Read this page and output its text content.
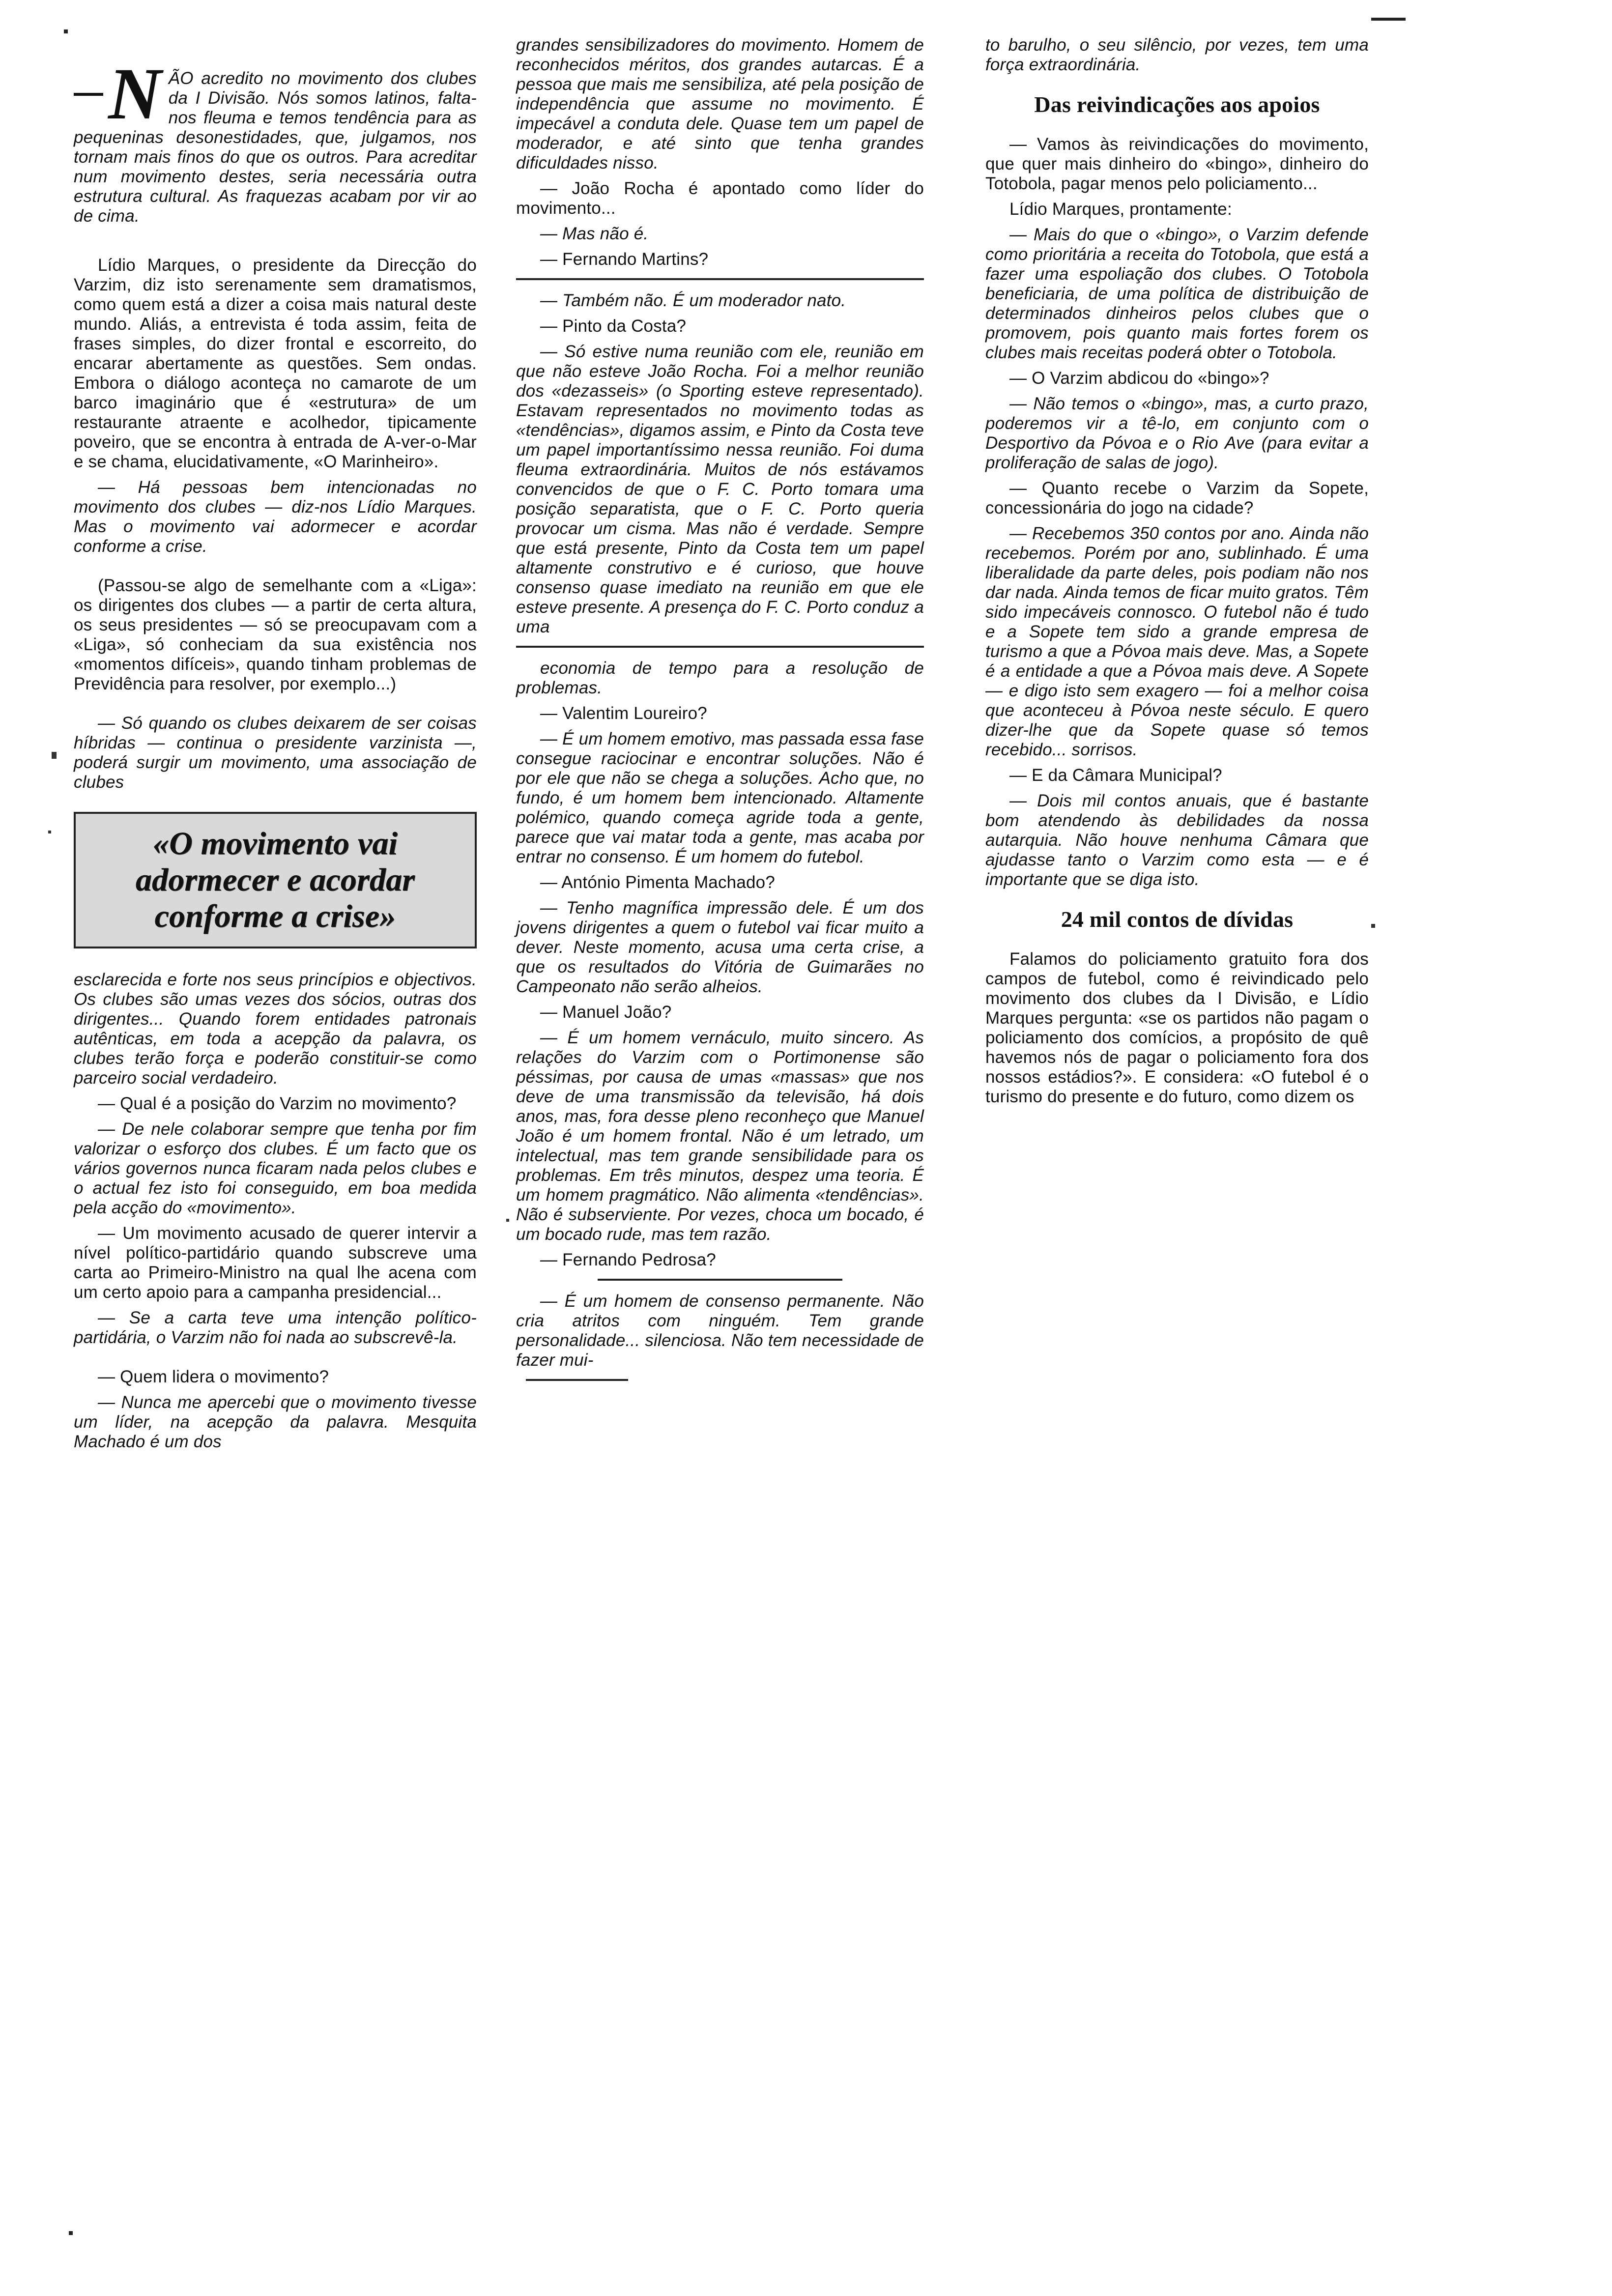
— N ÃO acredito no movimento dos clubes da I Divisão. Nós somos latinos, falta-nos fleuma e temos tendência para as pequeninas desonestidades, que, julgamos, nos tornam mais finos do que os outros. Para acreditar num movimento destes, seria necessária outra estrutura cultural. As fraquezas acabam por vir ao de cima.

Lídio Marques, o presidente da Direcção do Varzim, diz isto serenamente sem dramatismos, como quem está a dizer a coisa mais natural deste mundo. Aliás, a entrevista é toda assim, feita de frases simples, do dizer frontal e escorreito, do encarar abertamente as questões. Sem ondas. Embora o diálogo aconteça no camarote de um barco imaginário que é «estrutura» de um restaurante atraente e acolhedor, tipicamente poveiro, que se encontra à entrada de A-ver-o-Mar e se chama, elucidativamente, «O Marinheiro».

— Há pessoas bem intencionadas no movimento dos clubes — diz-nos Lídio Marques. Mas o movimento vai adormecer e acordar conforme a crise.

(Passou-se algo de semelhante com a «Liga»: os dirigentes dos clubes — a partir de certa altura, os seus presidentes — só se preocupavam com a «Liga», só conheciam da sua existência nos «momentos difíceis», quando tinham problemas de Previdência para resolver, por exemplo...)

— Só quando os clubes deixarem de ser coisas híbridas — continua o presidente varzinista —, poderá surgir um movimento, uma associação de clubes

«O movimento vai adormecer e acordar conforme a crise»

esclarecida e forte nos seus princípios e objectivos. Os clubes são umas vezes dos sócios, outras dos dirigentes... Quando forem entidades patronais autênticas, em toda a acepção da palavra, os clubes terão força e poderão constituir-se como parceiro social verdadeiro.

— Qual é a posição do Varzim no movimento?

— De nele colaborar sempre que tenha por fim valorizar o esforço dos clubes. É um facto que os vários governos nunca ficaram nada pelos clubes e o actual fez isto foi conseguido, em boa medida pela acção do «movimento».

— Um movimento acusado de querer intervir a nível político-partidário quando subscreve uma carta ao Primeiro-Ministro na qual lhe acena com um certo apoio para a campanha presidencial...

— Se a carta teve uma intenção político-partidária, o Varzim não foi nada ao subscrevê-la.

— Quem lidera o movimento?

— Nunca me apercebi que o movimento tivesse um líder, na acepção da palavra. Mesquita Machado é um dos

grandes sensibilizadores do movimento. Homem de reconhecidos méritos, dos grandes autarcas. É a pessoa que mais me sensibiliza, até pela posição de independência que assume no movimento. É impecável a conduta dele. Quase tem um papel de moderador, e até sinto que tenha grandes dificuldades nisso.

— João Rocha é apontado como líder do movimento...

— Mas não é.

— Fernando Martins?

— Também não. É um moderador nato.

— Pinto da Costa?

— Só estive numa reunião com ele, reunião em que não esteve João Rocha. Foi a melhor reunião dos «dezasseis» (o Sporting esteve representado). Estavam representados no movimento todas as «tendências», digamos assim, e Pinto da Costa teve um papel importantíssimo nessa reunião. Foi duma fleuma extraordinária. Muitos de nós estávamos convencidos de que o F. C. Porto tomara uma posição separatista, que o F. C. Porto queria provocar um cisma. Mas não é verdade. Sempre que está presente, Pinto da Costa tem um papel altamente construtivo e é curioso, que houve consenso quase imediato na reunião em que ele esteve presente. A presença do F. C. Porto conduz a uma

economia de tempo para a resolução de problemas.

— Valentim Loureiro?

— É um homem emotivo, mas passada essa fase consegue raciocinar e encontrar soluções. Não é por ele que não se chega a soluções. Acho que, no fundo, é um homem bem intencionado. Altamente polémico, quando começa agride toda a gente, parece que vai matar toda a gente, mas acaba por entrar no consenso. É um homem do futebol.

— António Pimenta Machado?

— Tenho magnífica impressão dele. É um dos jovens dirigentes a quem o futebol vai ficar muito a dever. Neste momento, acusa uma certa crise, a que os resultados do Vitória de Guimarães no Campeonato não serão alheios.

— Manuel João?

— É um homem vernáculo, muito sincero. As relações do Varzim com o Portimonense são péssimas, por causa de umas «massas» que nos deve de uma transmissão da televisão, há dois anos, mas, fora desse pleno reconheço que Manuel João é um homem frontal. Não é um letrado, um intelectual, mas tem grande sensibilidade para os problemas. Em três minutos, despez uma teoria. É um homem pragmático. Não alimenta «tendências». Não é subserviente. Por vezes, choca um bocado, é um bocado rude, mas tem razão.

— Fernando Pedrosa?

— É um homem de consenso permanente. Não cria atritos com ninguém. Tem grande personalidade... silenciosa. Não tem necessidade de fazer mui-

to barulho, o seu silêncio, por vezes, tem uma força extraordinária.

Das reivindicações aos apoios

— Vamos às reivindicações do movimento, que quer mais dinheiro do «bingo», dinheiro do Totobola, pagar menos pelo policiamento...

Lídio Marques, prontamente:

— Mais do que o «bingo», o Varzim defende como prioritária a receita do Totobola, que está a fazer uma espoliação dos clubes. O Totobola beneficiaria, de uma política de distribuição de determinados dinheiros pelos clubes que o promovem, pois quanto mais fortes forem os clubes mais receitas poderá obter o Totobola.

— O Varzim abdicou do «bingo»?

— Não temos o «bingo», mas, a curto prazo, poderemos vir a tê-lo, em conjunto com o Desportivo da Póvoa e o Rio Ave (para evitar a proliferação de salas de jogo).

— Quanto recebe o Varzim da Sopete, concessionária do jogo na cidade?

— Recebemos 350 contos por ano. Ainda não recebemos. Porém por ano, sublinhado. É uma liberalidade da parte deles, pois podiam não nos dar nada. Ainda temos de ficar muito gratos. Têm sido impecáveis connosco. O futebol não é tudo e a Sopete tem sido a grande empresa de turismo a que a Póvoa mais deve. Mas, a Sopete é a entidade a que a Póvoa mais deve. A Sopete — e digo isto sem exagero — foi a melhor coisa que aconteceu à Póvoa neste século. E quero dizer-lhe que da Sopete quase só temos recebido... sorrisos.

— E da Câmara Municipal?

— Dois mil contos anuais, que é bastante bom atendendo às debilidades da nossa autarquia. Não houve nenhuma Câmara que ajudasse tanto o Varzim como esta — e é importante que se diga isto.

24 mil contos de dívidas

Falamos do policiamento gratuito fora dos campos de futebol, como é reivindicado pelo movimento dos clubes da I Divisão, e Lídio Marques pergunta: «se os partidos não pagam o policiamento dos comícios, a propósito de quê havemos nós de pagar o policiamento fora dos nossos estádios?». E considera: «O futebol é o turismo do presente e do futuro, como dizem os
